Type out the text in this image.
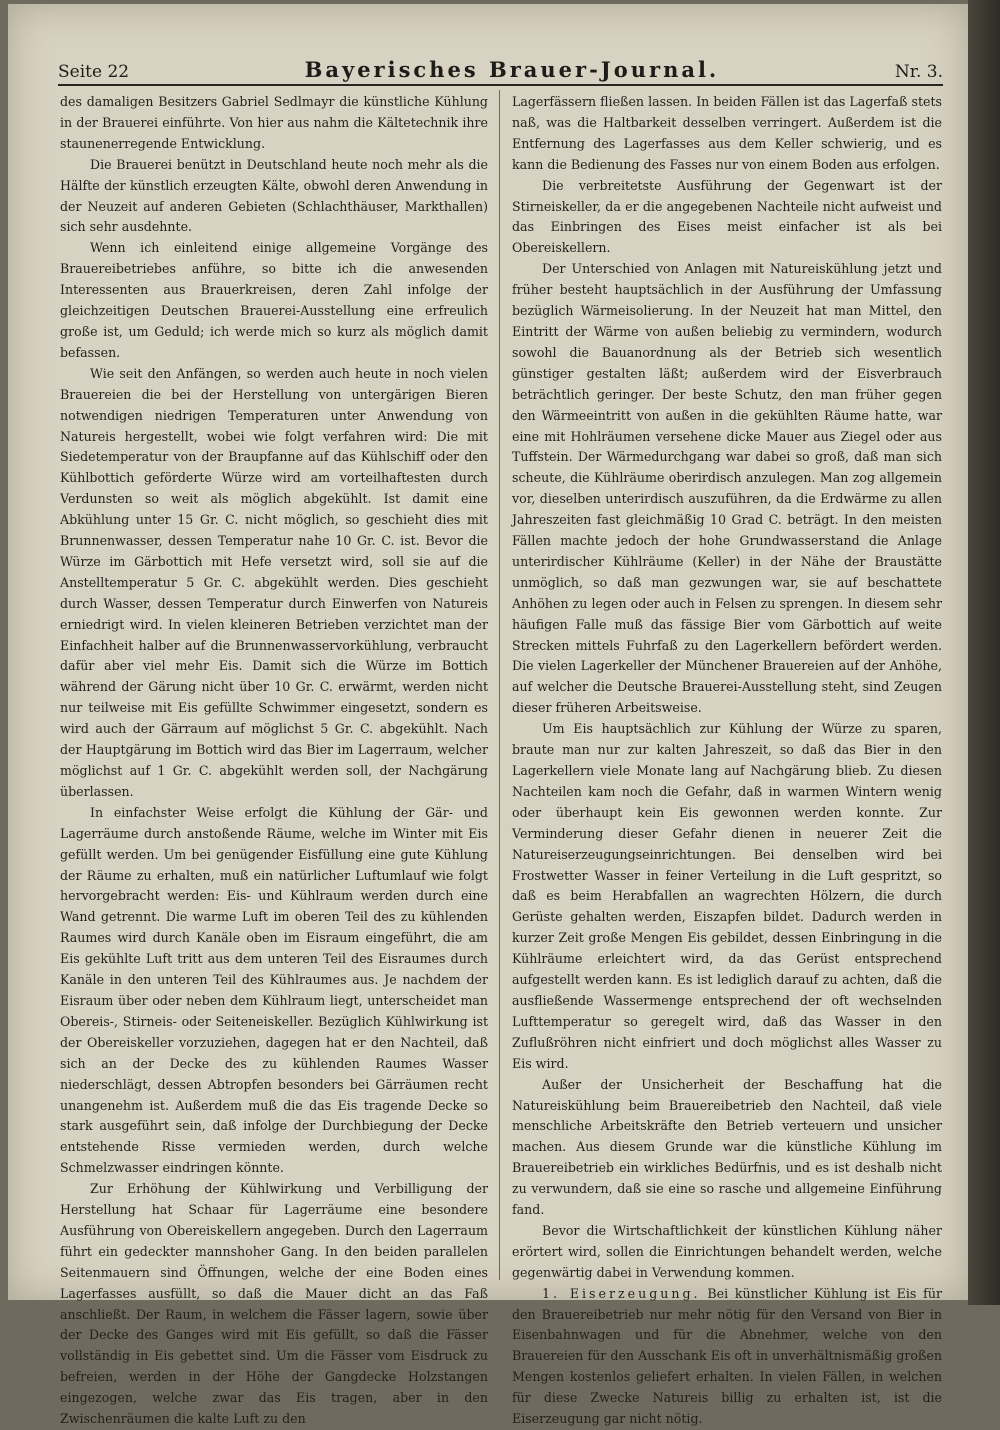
Seite 22	Bayerisches Brauer-Journal.	Nr. 3.

des damaligen Besitzers Gabriel Sedlmayr die künstliche Kühlung in der Brauerei einführte. Von hier aus nahm die Kältetechnik ihre staunenerregende Entwicklung.

Die Brauerei benützt in Deutschland heute noch mehr als die Hälfte der künstlich erzeugten Kälte, obwohl deren Anwendung in der Neuzeit auf anderen Gebieten (Schlachthäuser, Markthallen) sich sehr ausdehnte.

Wenn ich einleitend einige allgemeine Vorgänge des Brauereibetriebes anführe, so bitte ich die anwesenden Interessenten aus Brauerkreisen, deren Zahl infolge der gleichzeitigen Deutschen Brauerei-Ausstellung eine erfreulich große ist, um Geduld; ich werde mich so kurz als möglich damit befassen.

Wie seit den Anfängen, so werden auch heute in noch vielen Brauereien die bei der Herstellung von untergärigen Bieren notwendigen niedrigen Temperaturen unter Anwendung von Natureis hergestellt, wobei wie folgt verfahren wird: Die mit Siedetemperatur von der Braupfanne auf das Kühlschiff oder den Kühlbottich geförderte Würze wird am vorteilhaftesten durch Verdunsten so weit als möglich abgekühlt. Ist damit eine Abkühlung unter 15 Gr. C. nicht möglich, so geschieht dies mit Brunnenwasser, dessen Temperatur nahe 10 Gr. C. ist. Bevor die Würze im Gärbottich mit Hefe versetzt wird, soll sie auf die Anstelltemperatur 5 Gr. C. abgekühlt werden. Dies geschieht durch Wasser, dessen Temperatur durch Einwerfen von Natureis erniedrigt wird. In vielen kleineren Betrieben verzichtet man der Einfachheit halber auf die Brunnenwasservorkühlung, verbraucht dafür aber viel mehr Eis. Damit sich die Würze im Bottich während der Gärung nicht über 10 Gr. C. erwärmt, werden nicht nur teilweise mit Eis gefüllte Schwimmer eingesetzt, sondern es wird auch der Gärraum auf möglichst 5 Gr. C. abgekühlt. Nach der Hauptgärung im Bottich wird das Bier im Lagerraum, welcher möglichst auf 1 Gr. C. abgekühlt werden soll, der Nachgärung überlassen.

In einfachster Weise erfolgt die Kühlung der Gär- und Lagerräume durch anstoßende Räume, welche im Winter mit Eis gefüllt werden. Um bei genügender Eisfüllung eine gute Kühlung der Räume zu erhalten, muß ein natürlicher Luftumlauf wie folgt hervorgebracht werden: Eis- und Kühlraum werden durch eine Wand getrennt. Die warme Luft im oberen Teil des zu kühlenden Raumes wird durch Kanäle oben im Eisraum eingeführt, die am Eis gekühlte Luft tritt aus dem unteren Teil des Eisraumes durch Kanäle in den unteren Teil des Kühlraumes aus. Je nachdem der Eisraum über oder neben dem Kühlraum liegt, unterscheidet man Obereis-, Stirneis- oder Seiteneiskeller. Bezüglich Kühlwirkung ist der Obereiskeller vorzuziehen, dagegen hat er den Nachteil, daß sich an der Decke des zu kühlenden Raumes Wasser niederschlägt, dessen Abtropfen besonders bei Gärräumen recht unangenehm ist. Außerdem muß die das Eis tragende Decke so stark ausgeführt sein, daß infolge der Durchbiegung der Decke entstehende Risse vermieden werden, durch welche Schmelzwasser eindringen könnte.

Zur Erhöhung der Kühlwirkung und Verbilligung der Herstellung hat Schaar für Lagerräume eine besondere Ausführung von Obereiskellern angegeben. Durch den Lagerraum führt ein gedeckter mannshoher Gang. In den beiden parallelen Seitenmauern sind Öffnungen, welche der eine Boden eines Lagerfasses ausfüllt, so daß die Mauer dicht an das Faß anschließt. Der Raum, in welchem die Fässer lagern, sowie über der Decke des Ganges wird mit Eis gefüllt, so daß die Fässer vollständig in Eis gebettet sind. Um die Fässer vom Eisdruck zu befreien, werden in der Höhe der Gangdecke Holzstangen eingezogen, welche zwar das Eis tragen, aber in den Zwischenräumen die kalte Luft zu den

Lagerfässern fließen lassen. In beiden Fällen ist das Lagerfaß stets naß, was die Haltbarkeit desselben verringert. Außerdem ist die Entfernung des Lagerfasses aus dem Keller schwierig, und es kann die Bedienung des Fasses nur von einem Boden aus erfolgen.

Die verbreitetste Ausführung der Gegenwart ist der Stirneiskeller, da er die angegebenen Nachteile nicht aufweist und das Einbringen des Eises meist einfacher ist als bei Obereiskellern.

Der Unterschied von Anlagen mit Natureiskühlung jetzt und früher besteht hauptsächlich in der Ausführung der Umfassung bezüglich Wärmeisolierung. In der Neuzeit hat man Mittel, den Eintritt der Wärme von außen beliebig zu vermindern, wodurch sowohl die Bauanordnung als der Betrieb sich wesentlich günstiger gestalten läßt; außerdem wird der Eisverbrauch beträchtlich geringer. Der beste Schutz, den man früher gegen den Wärmeeintritt von außen in die gekühlten Räume hatte, war eine mit Hohlräumen versehene dicke Mauer aus Ziegel oder aus Tuffstein. Der Wärmedurchgang war dabei so groß, daß man sich scheute, die Kühlräume oberirdisch anzulegen. Man zog allgemein vor, dieselben unterirdisch auszuführen, da die Erdwärme zu allen Jahreszeiten fast gleichmäßig 10 Grad C. beträgt. In den meisten Fällen machte jedoch der hohe Grundwasserstand die Anlage unterirdischer Kühlräume (Keller) in der Nähe der Braustätte unmöglich, so daß man gezwungen war, sie auf beschattete Anhöhen zu legen oder auch in Felsen zu sprengen. In diesem sehr häufigen Falle muß das fässige Bier vom Gärbottich auf weite Strecken mittels Fuhrfaß zu den Lagerkellern befördert werden. Die vielen Lagerkeller der Münchener Brauereien auf der Anhöhe, auf welcher die Deutsche Brauerei-Ausstellung steht, sind Zeugen dieser früheren Arbeitsweise.

Um Eis hauptsächlich zur Kühlung der Würze zu sparen, braute man nur zur kalten Jahreszeit, so daß das Bier in den Lagerkellern viele Monate lang auf Nachgärung blieb. Zu diesen Nachteilen kam noch die Gefahr, daß in warmen Wintern wenig oder überhaupt kein Eis gewonnen werden konnte. Zur Verminderung dieser Gefahr dienen in neuerer Zeit die Natureiserzeugungseinrichtungen. Bei denselben wird bei Frostwetter Wasser in feiner Verteilung in die Luft gespritzt, so daß es beim Herabfallen an wagrechten Hölzern, die durch Gerüste gehalten werden, Eiszapfen bildet. Dadurch werden in kurzer Zeit große Mengen Eis gebildet, dessen Einbringung in die Kühlräume erleichtert wird, da das Gerüst entsprechend aufgestellt werden kann. Es ist lediglich darauf zu achten, daß die ausfließende Wassermenge entsprechend der oft wechselnden Lufttemperatur so geregelt wird, daß das Wasser in den Zuflußröhren nicht einfriert und doch möglichst alles Wasser zu Eis wird.

Außer der Unsicherheit der Beschaffung hat die Natureiskühlung beim Brauereibetrieb den Nachteil, daß viele menschliche Arbeitskräfte den Betrieb verteuern und unsicher machen. Aus diesem Grunde war die künstliche Kühlung im Brauereibetrieb ein wirkliches Bedürfnis, und es ist deshalb nicht zu verwundern, daß sie eine so rasche und allgemeine Einführung fand.

Bevor die Wirtschaftlichkeit der künstlichen Kühlung näher erörtert wird, sollen die Einrichtungen behandelt werden, welche gegenwärtig dabei in Verwendung kommen.

1. Eiserzeugung. Bei künstlicher Kühlung ist Eis für den Brauereibetrieb nur mehr nötig für den Versand von Bier in Eisenbahnwagen und für die Abnehmer, welche von den Brauereien für den Ausschank Eis oft in unverhältnismäßig großen Mengen kostenlos geliefert erhalten. In vielen Fällen, in welchen für diese Zwecke Natureis billig zu erhalten ist, ist die Eiserzeugung gar nicht nötig.
